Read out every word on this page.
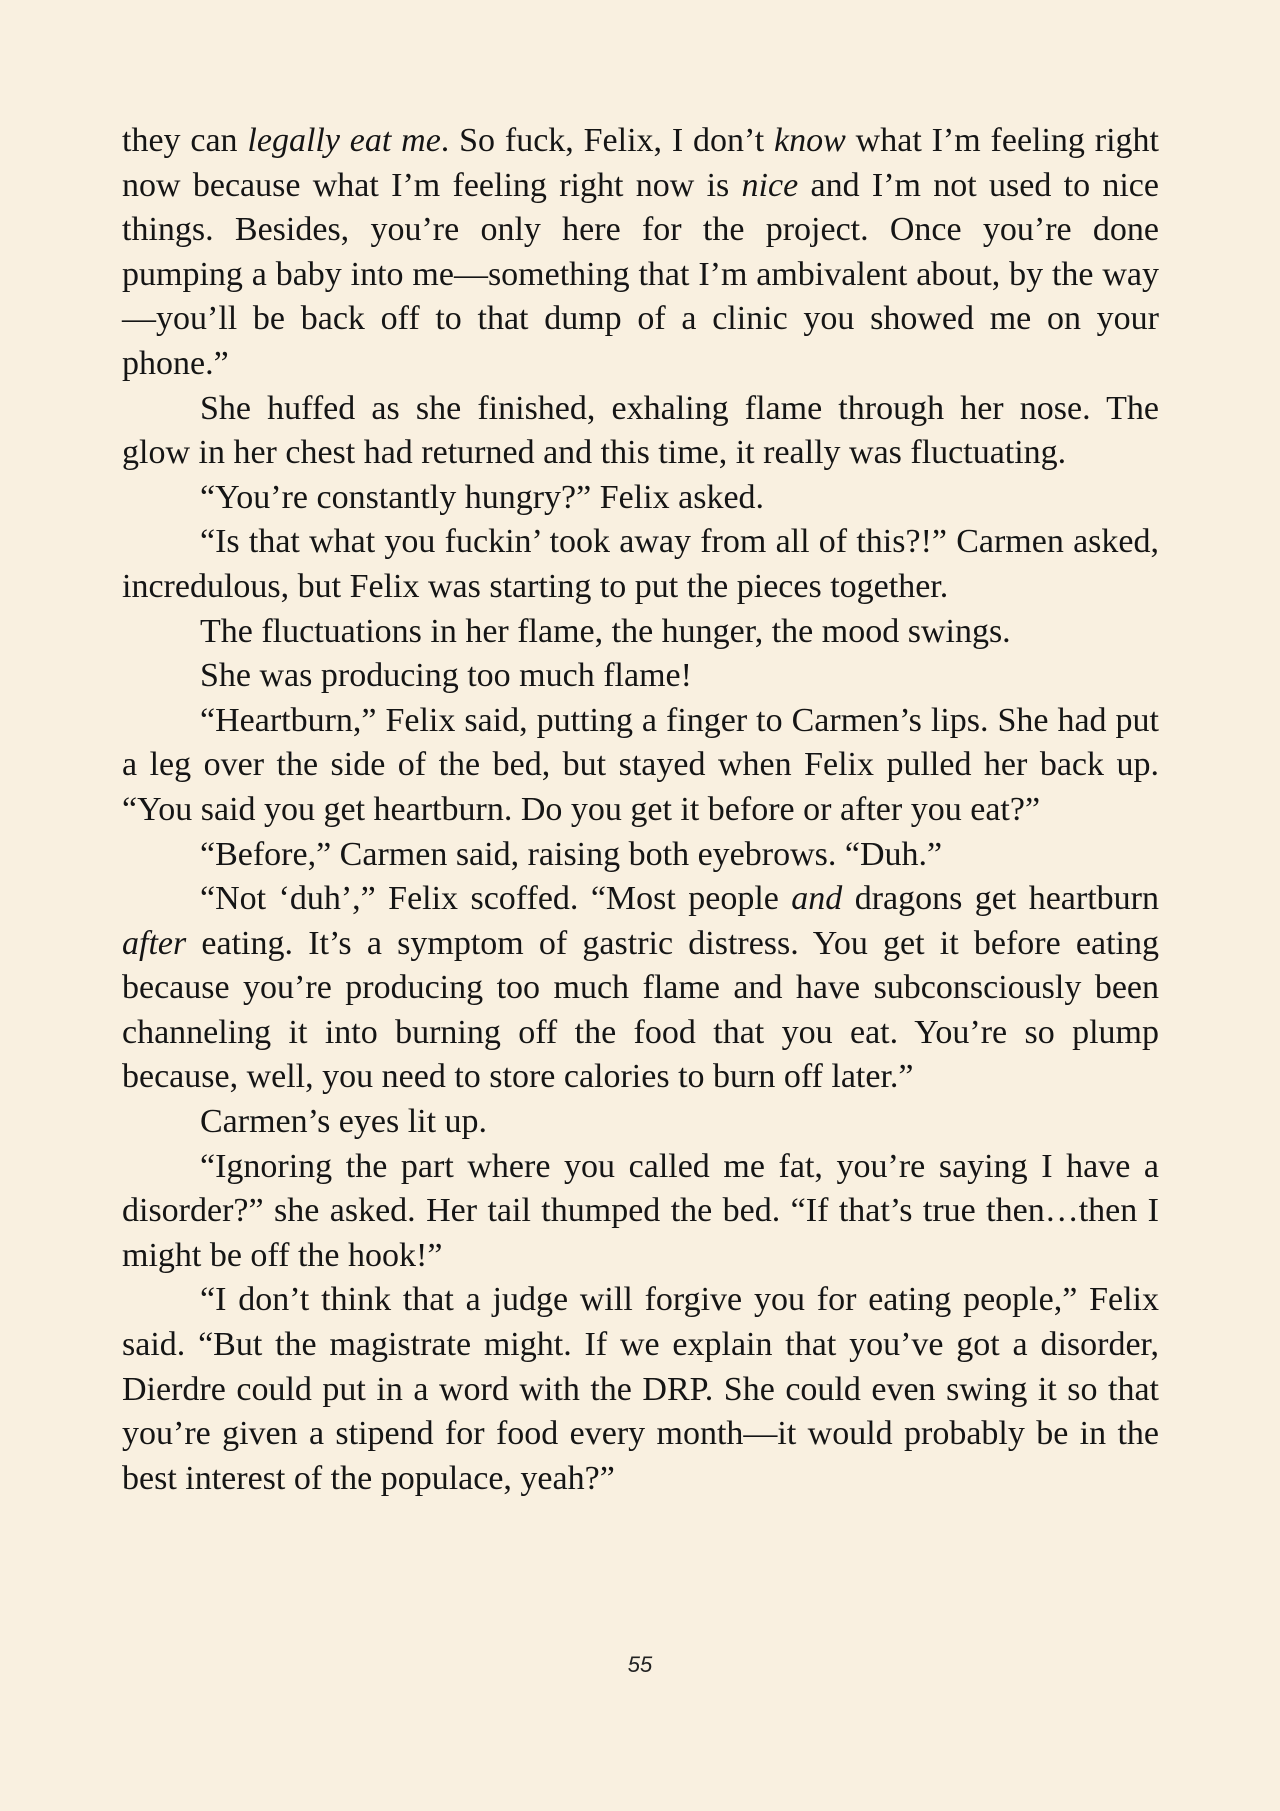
they can legally eat me. So fuck, Felix, I don’t know what I’m feeling right now because what I’m feeling right now is nice and I’m not used to nice things. Besides, you’re only here for the project. Once you’re done pumping a baby into me—something that I’m ambivalent about, by the way—you’ll be back off to that dump of a clinic you showed me on your phone.”

She huffed as she finished, exhaling flame through her nose. The glow in her chest had returned and this time, it really was fluctuating.

“You’re constantly hungry?” Felix asked.

“Is that what you fuckin’ took away from all of this?!” Carmen asked, incredulous, but Felix was starting to put the pieces together.

The fluctuations in her flame, the hunger, the mood swings.

She was producing too much flame!

“Heartburn,” Felix said, putting a finger to Carmen’s lips. She had put a leg over the side of the bed, but stayed when Felix pulled her back up. “You said you get heartburn. Do you get it before or after you eat?”

“Before,” Carmen said, raising both eyebrows. “Duh.”

“Not ‘duh’,” Felix scoffed. “Most people and dragons get heartburn after eating. It’s a symptom of gastric distress. You get it before eating because you’re producing too much flame and have subconsciously been channeling it into burning off the food that you eat. You’re so plump because, well, you need to store calories to burn off later.”

Carmen’s eyes lit up.

“Ignoring the part where you called me fat, you’re saying I have a disorder?” she asked. Her tail thumped the bed. “If that’s true then…then I might be off the hook!”

“I don’t think that a judge will forgive you for eating people,” Felix said. “But the magistrate might. If we explain that you’ve got a disorder, Dierdre could put in a word with the DRP. She could even swing it so that you’re given a stipend for food every month—it would probably be in the best interest of the populace, yeah?”

55
